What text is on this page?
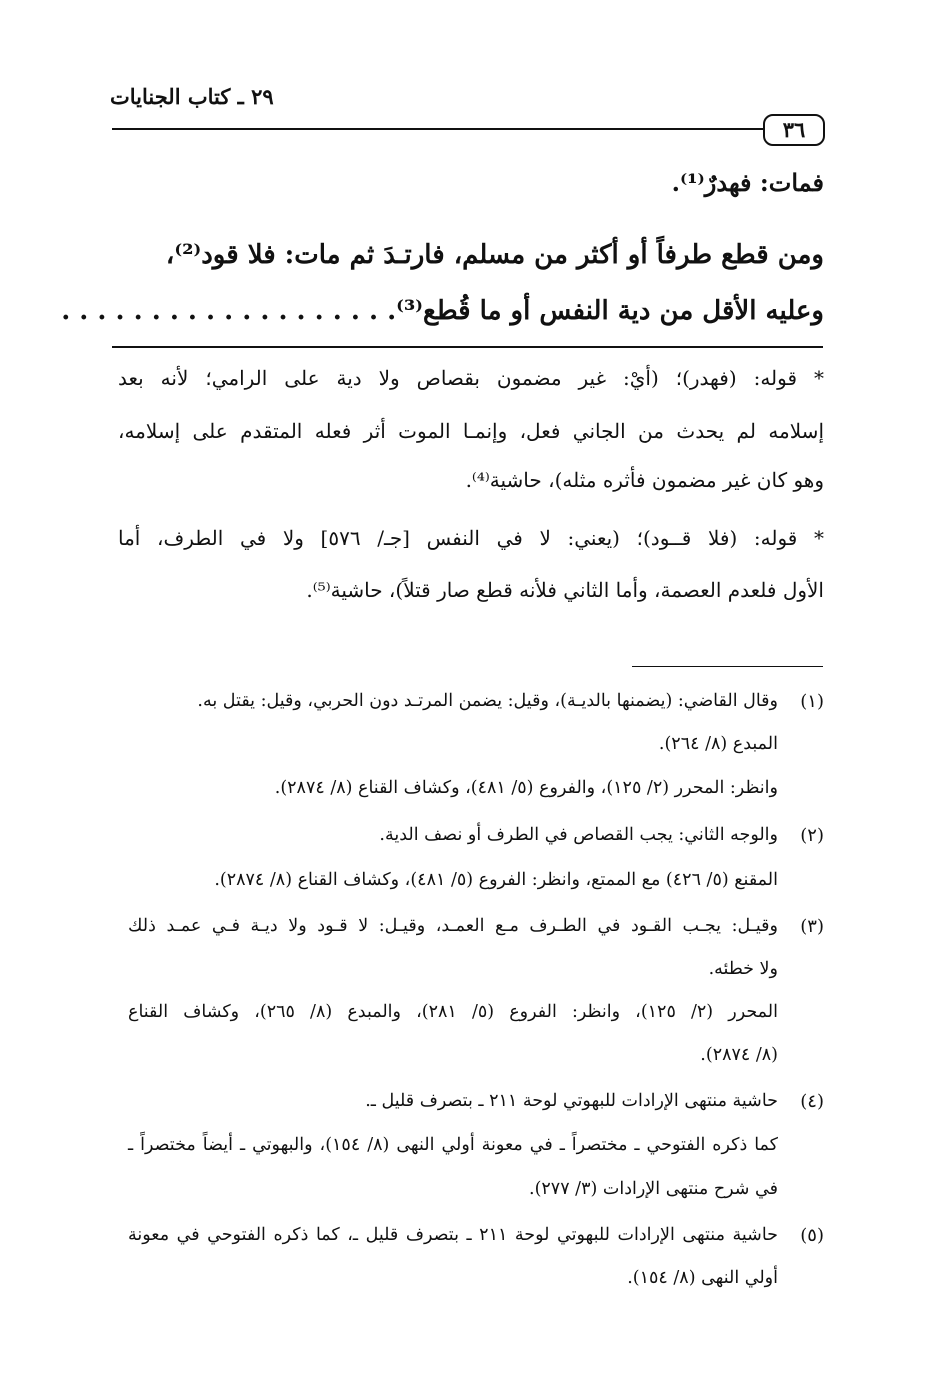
٢٩ ـ كتاب الجنايات
٣٦
فمات: فهدرٌ⁽¹⁾.
ومن قطع طرفاً أو أكثر من مسلم، فارتـدَ ثم مات: فلا قود⁽²⁾،
وعليه الأقل من دية النفس أو ما قُطع⁽³⁾. . . . . . . . . . . . . . . . . . .
* قوله: (فهدر)؛ (أيْ: غير مضمون بقصاص ولا دية على الرامي؛ لأنه بعد
إسلامه لم يحدث من الجاني فعل، وإنمـا الموت أثر فعله المتقدم على إسلامه،
وهو كان غير مضمون فأثره مثله)، حاشية⁽⁴⁾.
* قوله: (فلا قــود)؛ (يعني: لا في النفس [جـ/ ٥٧٦] ولا في الطرف، أما
الأول فلعدم العصمة، وأما الثاني فلأنه قطع صار قتلاً)، حاشية⁽⁵⁾.
(١)
وقال القاضي: (يضمنها بالديـة)، وقيل: يضمن المرتـد دون الحربي، وقيل: يقتل به.
المبدع (٨/ ٢٦٤).
وانظر: المحرر (٢/ ١٢٥)، والفروع (٥/ ٤٨١)، وكشاف القناع (٨/ ٢٨٧٤).
(٢)
والوجه الثاني: يجب القصاص في الطرف أو نصف الدية.
المقنع (٥/ ٤٢٦) مع الممتع، وانظر: الفروع (٥/ ٤٨١)، وكشاف القناع (٨/ ٢٨٧٤).
(٣)
وقيـل: يجـب القـود في الطـرف مـع العمـد، وقيـل: لا قـود ولا ديـة فـي عمـد ذلك
ولا خطئه.
المحرر (٢/ ١٢٥)، وانظر: الفروع (٥/ ٢٨١)، والمبدع (٨/ ٢٦٥)، وكشاف القناع
(٨/ ٢٨٧٤).
(٤)
حاشية منتهى الإرادات للبهوتي لوحة ٢١١ ـ بتصرف قليل ـ.
كما ذكره الفتوحي ـ مختصراً ـ في معونة أولي النهى (٨/ ١٥٤)، والبهوتي ـ أيضاً مختصراً ـ
في شرح منتهى الإرادات (٣/ ٢٧٧).
(٥)
حاشية منتهى الإرادات للبهوتي لوحة ٢١١ ـ بتصرف قليل ـ، كما ذكره الفتوحي في معونة
أولي النهى (٨/ ١٥٤).
